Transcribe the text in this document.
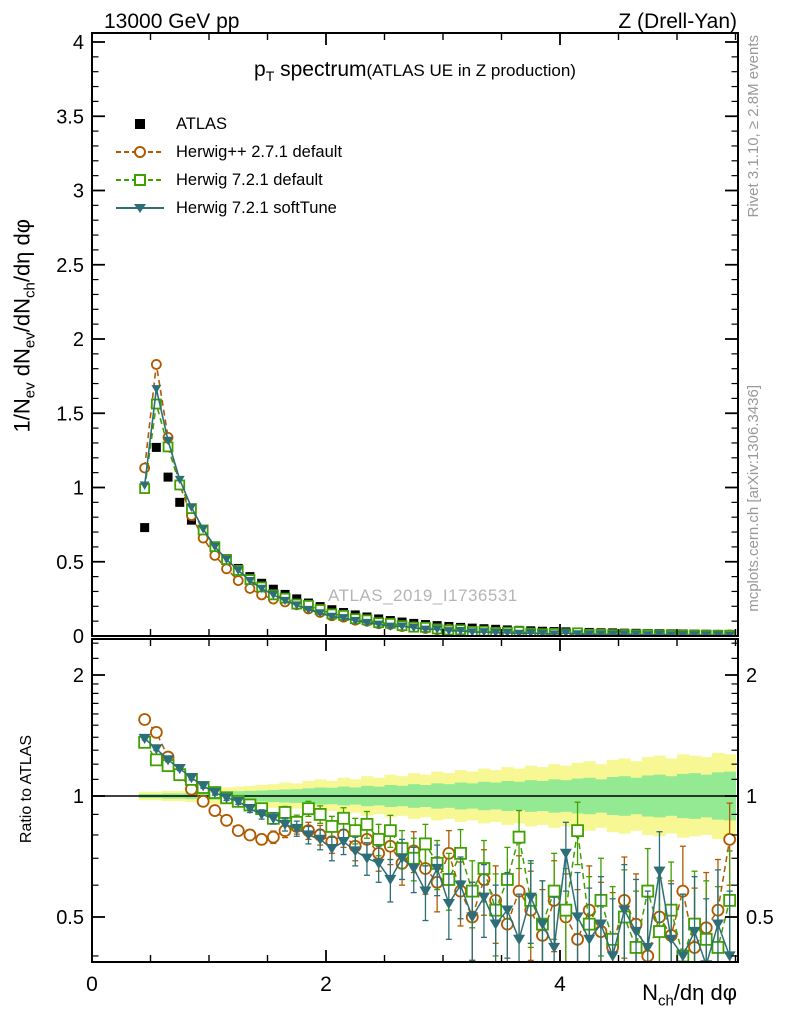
0
0.5
1
1.5
2
2.5
3
3.5
4
2	2
1	1
0.5	0.5
0	2	4
13000 GeV pp	Z (Drell-Yan)
$p_T$ spectrum(ATLAS UE in Z production)
ATLAS
Herwig++ 2.7.1 default
Herwig 7.2.1 default
Herwig 7.2.1 softTune
ATLAS_2019_I1736531
Rivet 3.1.10, ≥ 2.8M events
mcplots.cern.ch [arXiv:1306.3436]
$1/N_{ev}$ $dN_{ev}/dN_{ch}/d\eta$ dφ
Ratio to ATLAS
$N_{ch}/d\eta$ dφ
